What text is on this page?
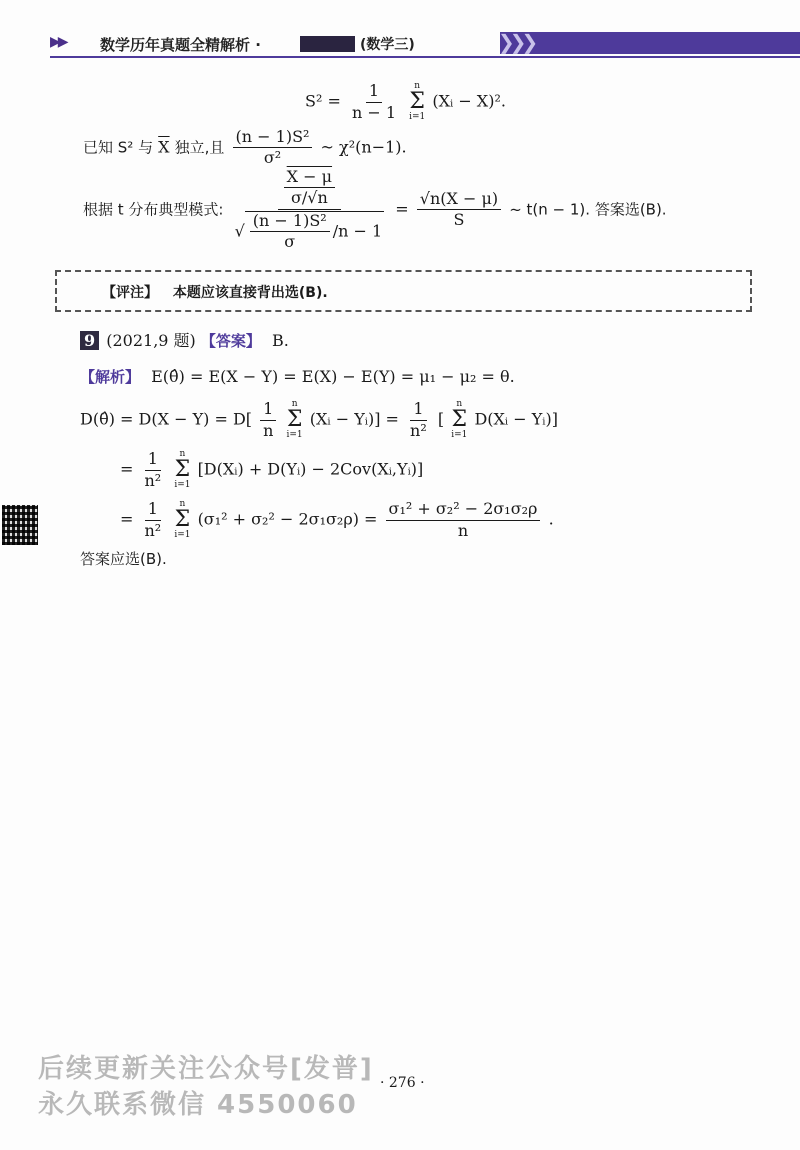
▶▶ 数学历年真题全精解析 ·	(数学三)	❯❯❯
$S^2 = \frac{1}{n - 1}$
n
Σ
i=1
(Xᵢ − X)².
已知 S² 与 $\overline{X}$ 独立,且 $\frac{\text{(n − 1)S²}}{\text{σ²}}$ ~ χ²(n−1).
根据 t 分布典型模式: $\frac{\frac{X - \mu}{\sigma/√n}}{√ \frac{\text{(n − 1)S²}}{\sigma} /n - 1} = \frac{√n(X - \mu)}{S}$ ~ t(n − 1). 答案选(B).
【评注】 本题应该直接背出选(B).
9 (2021,9 题) 【答案】 B.
【解析】 E(θ̂) = E(X − Y) = E(X) − E(Y) = μ₁ − μ₂ = θ.
D(θ̂) = $D(X - Y) = D[ \frac{1}{n}$
n
Σ
i=1
(Xᵢ − Yᵢ)] = $\frac{1}{\text{n²}}$ [
n
Σ
i=1
D(Xᵢ − Yᵢ)]
= $\frac{1}{\text{n²}}$
n
Σ
i=1
[D(Xᵢ) + D(Yᵢ) − 2Cov(Xᵢ,Yᵢ)]
= $\frac{1}{\text{n²}}$
n
Σ
i=1
$(\sigma_1^2 + \sigma_2^2 - 2\sigma_1\sigma_2\rho) = \frac{\text{σ₁² + σ₂² − 2σ₁σ₂ρ}}{n}$ .
答案应选(B).
后续更新关注公众号[发普]
永久联系微信 4550060
· 276 ·
